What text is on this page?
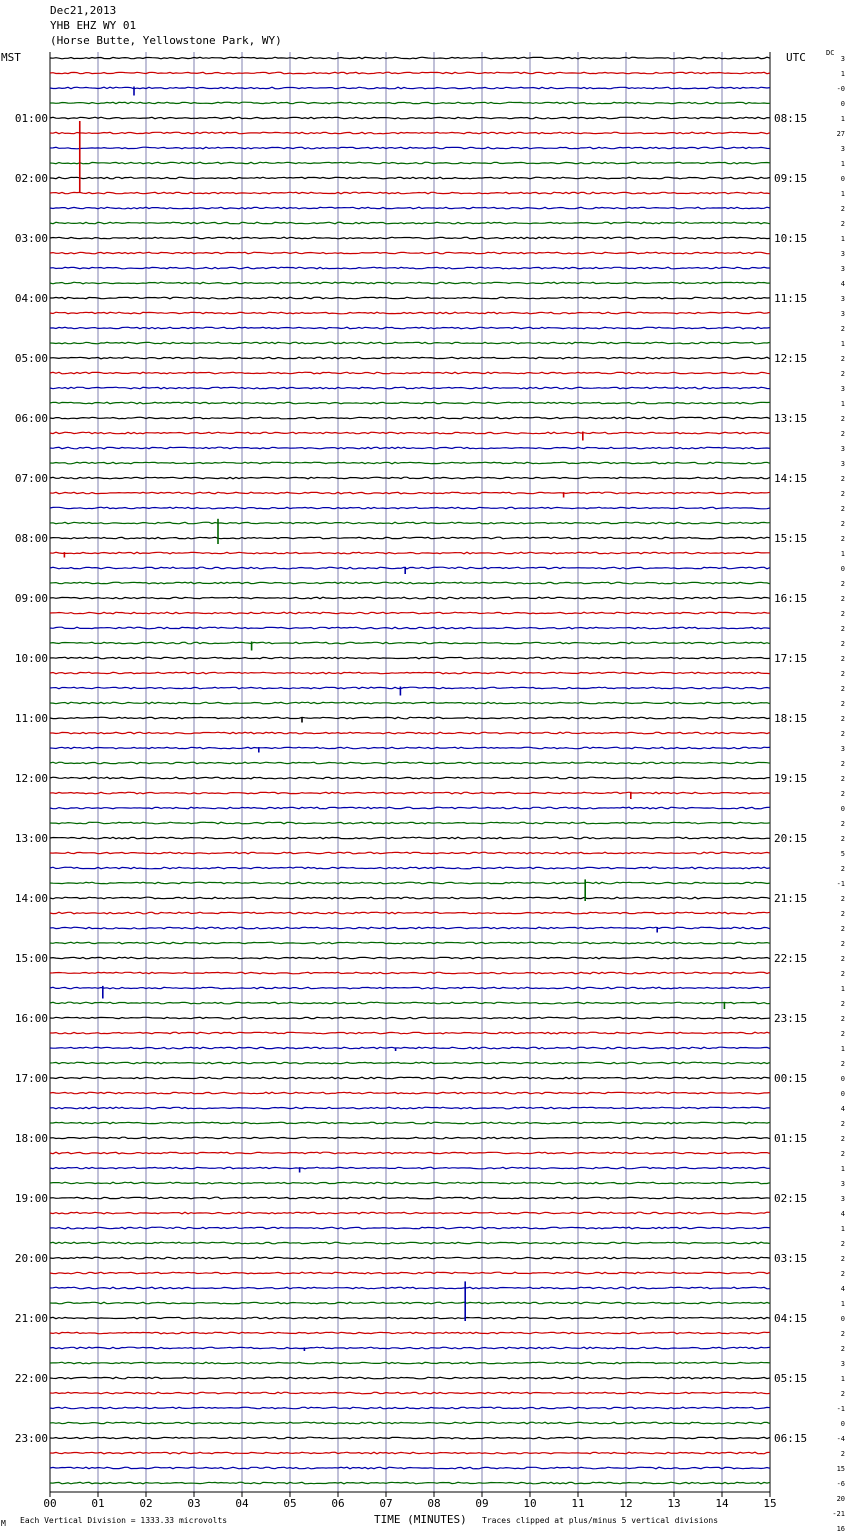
Dec21,2013
YHB EHZ WY 01
(Horse Butte, Yellowstone Park, WY)
MST	UTC	DC
01:00
02:00
03:00
04:00
05:00
06:00
07:00
08:00
09:00
10:00
11:00
12:00
13:00
14:00
15:00
16:00
17:00
18:00
19:00
20:00
21:00
22:00
23:00
08:15
09:15
10:15
11:15
12:15
13:15
14:15
15:15
16:15
17:15
18:15
19:15
20:15
21:15
22:15
23:15
00:15
01:15
02:15
03:15
04:15
05:15
06:15
3
1
-0
0
1
27
3
1
0
1
2
2
1
3
3
4
3
3
2
1
2
2
3
1
2
2
3
3
2
2
2
2
2
1
0
2
2
2
2
2
2
2
2
2
2
2
3
2
2
2
0
2
2
5
2
-1
2
2
2
2
2
2
1
2
2
2
1
2
0
0
4
2
2
2
1
3
3
4
1
2
2
2
4
1
0
2
2
3
1
2
-1
0
-4
2
15
-6
20
-21
16
00	01	02	03	04	05	06	07	08	09	10	11	12	13	14	15
M Each Vertical Division = 1333.33 microvolts	TIME (MINUTES) Traces clipped at plus/minus 5 vertical divisions
